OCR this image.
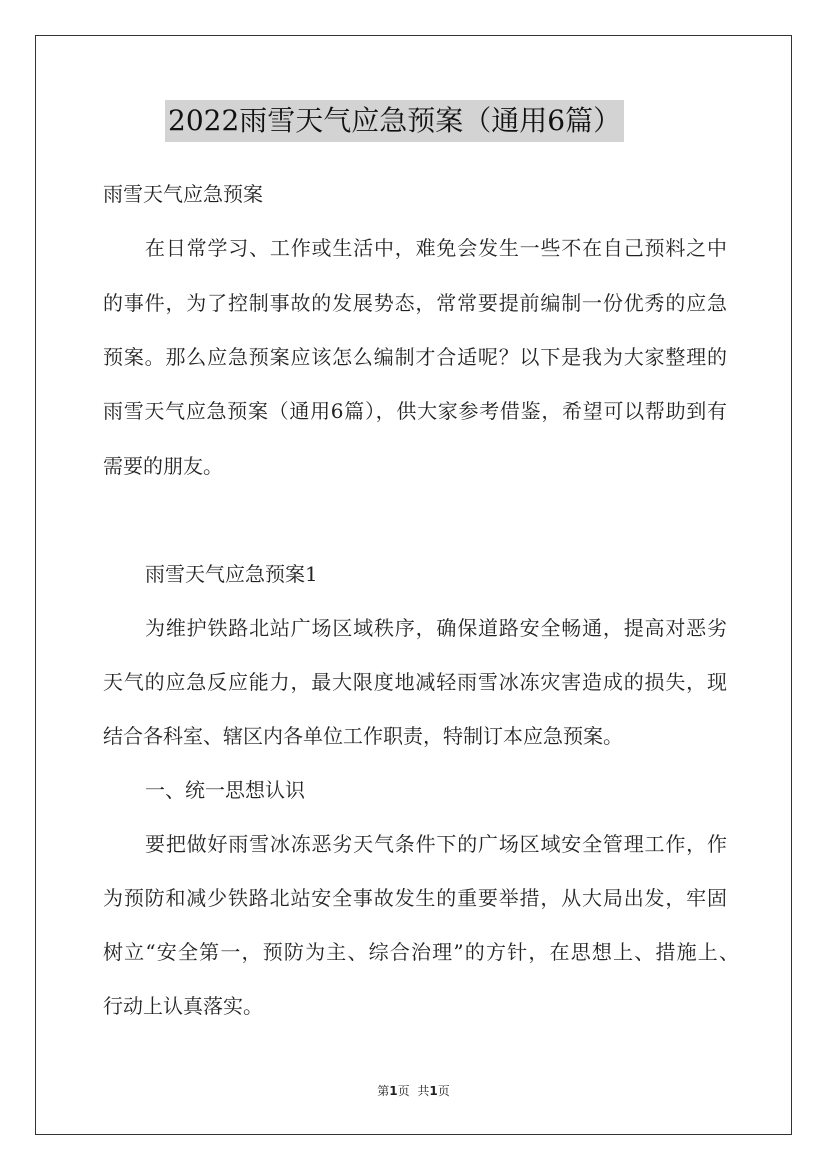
2022雨雪天气应急预案（通用6篇）
雨雪天气应急预案
在日常学习、工作或生活中，难免会发生一些不在自己预料之中
的事件，为了控制事故的发展势态，常常要提前编制一份优秀的应急
预案。那么应急预案应该怎么编制才合适呢？以下是我为大家整理的
雨雪天气应急预案（通用6篇），供大家参考借鉴，希望可以帮助到有
需要的朋友。
雨雪天气应急预案1
为维护铁路北站广场区域秩序，确保道路安全畅通，提高对恶劣
天气的应急反应能力，最大限度地减轻雨雪冰冻灾害造成的损失，现
结合各科室、辖区内各单位工作职责，特制订本应急预案。
一、统一思想认识
要把做好雨雪冰冻恶劣天气条件下的广场区域安全管理工作，作
为预防和减少铁路北站安全事故发生的重要举措，从大局出发，牢固
树立“安全第一，预防为主、综合治理”的方针，在思想上、措施上、
行动上认真落实。
第1页 共1页
